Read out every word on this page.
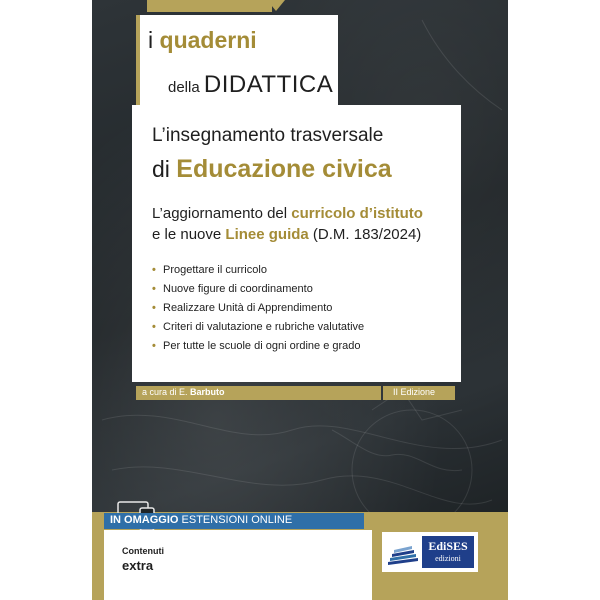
i quaderni
della DIDATTICA
L’insegnamento trasversale
di Educazione civica
L’aggiornamento del curricolo d’istituto
e le nuove Linee guida (D.M. 183/2024)
• Progettare il curricolo
• Nuove figure di coordinamento
• Realizzare Unità di Apprendimento
• Criteri di valutazione e rubriche valutative
• Per tutte le scuole di ogni ordine e grado
a cura di E. Barbuto	II Edizione
IN OMAGGIO ESTENSIONI ONLINE
Contenuti
extra
EdiSES
edizioni
